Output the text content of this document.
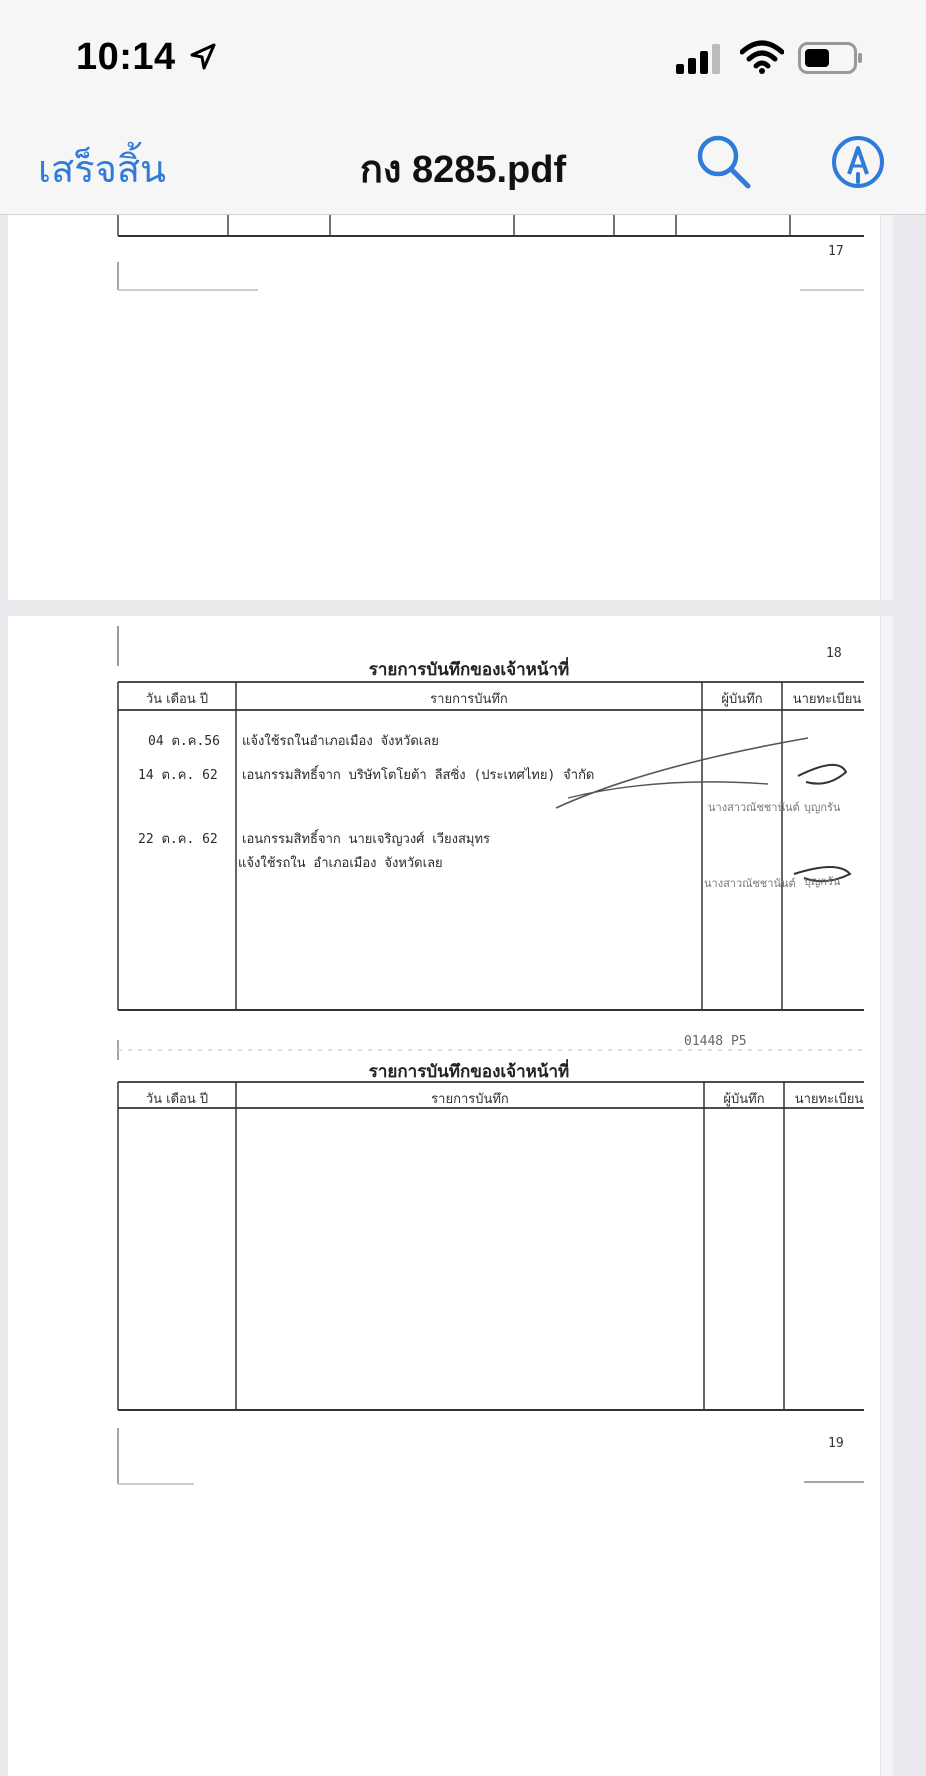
10:14
เสร็จสิ้น	กง 8285.pdf
17
18
รายการบันทึกของเจ้าหน้าที่
วัน เดือน ปี	รายการบันทึก	ผู้บันทึก	นายทะเบียน
04 ต.ค.56 แจ้งใช้รถในอำเภอเมือง จังหวัดเลย
14 ต.ค. 62 เอนกรรมสิทธิ์จาก บริษัทโตโยต้า ลีสซิ่ง (ประเทศไทย) จำกัด
นางสาวณัชชานันต์ บุญกรัน
22 ต.ค. 62 เอนกรรมสิทธิ์จาก นายเจริญวงศ์ เวียงสมุทร
แจ้งใช้รถใน อำเภอเมือง จังหวัดเลย
นางสาวณัชชานันต์ บุญกรัน
01448 P5
รายการบันทึกของเจ้าหน้าที่
วัน เดือน ปี	รายการบันทึก	ผู้บันทึก	นายทะเบียน
19
